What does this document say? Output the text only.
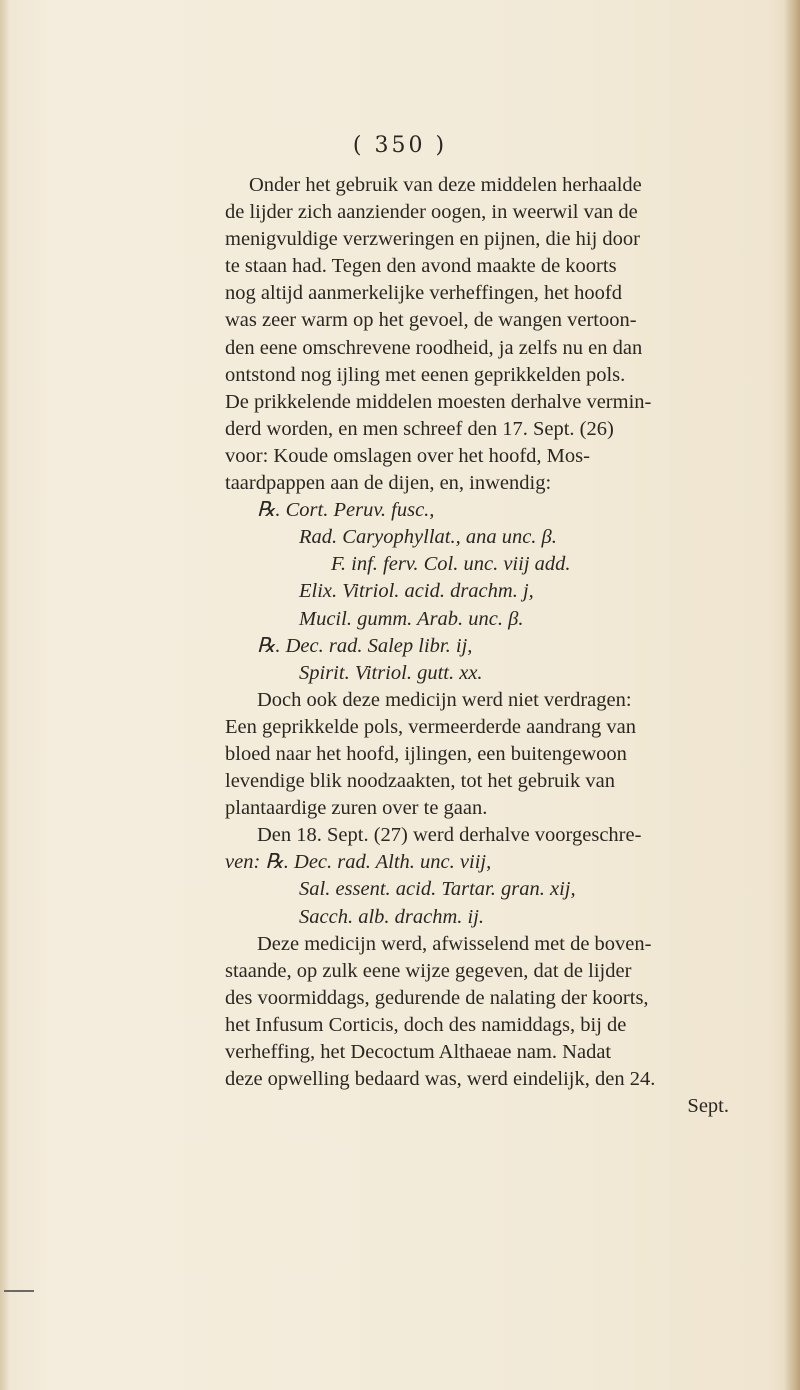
( 350 )
Onder het gebruik van deze middelen herhaalde
de lijder zich aanziender oogen, in weerwil van de
menigvuldige verzweringen en pijnen, die hij door
te staan had. Tegen den avond maakte de koorts
nog altijd aanmerkelijke verheffingen, het hoofd
was zeer warm op het gevoel, de wangen vertoon-
den eene omschrevene roodheid, ja zelfs nu en dan
ontstond nog ijling met eenen geprikkelden pols.
De prikkelende middelen moesten derhalve vermin-
derd worden, en men schreef den 17. Sept. (26)
voor: Koude omslagen over het hoofd, Mos-
taardpappen aan de dijen, en, inwendig:
℞. Cort. Peruv. fusc.,
Rad. Caryophyllat., ana unc. β.
F. inf. ferv. Col. unc. viij add.
Elix. Vitriol. acid. drachm. j,
Mucil. gumm. Arab. unc. β.
℞. Dec. rad. Salep libr. ij,
Spirit. Vitriol. gutt. xx.
Doch ook deze medicijn werd niet verdragen:
Een geprikkelde pols, vermeerderde aandrang van
bloed naar het hoofd, ijlingen, een buitengewoon
levendige blik noodzaakten, tot het gebruik van
plantaardige zuren over te gaan.
Den 18. Sept. (27) werd derhalve voorgeschre-
ven: ℞. Dec. rad. Alth. unc. viij,
Sal. essent. acid. Tartar. gran. xij,
Sacch. alb. drachm. ij.
Deze medicijn werd, afwisselend met de boven-
staande, op zulk eene wijze gegeven, dat de lijder
des voormiddags, gedurende de nalating der koorts,
het Infusum Corticis, doch des namiddags, bij de
verheffing, het Decoctum Althaeae nam. Nadat
deze opwelling bedaard was, werd eindelijk, den 24.
Sept.
